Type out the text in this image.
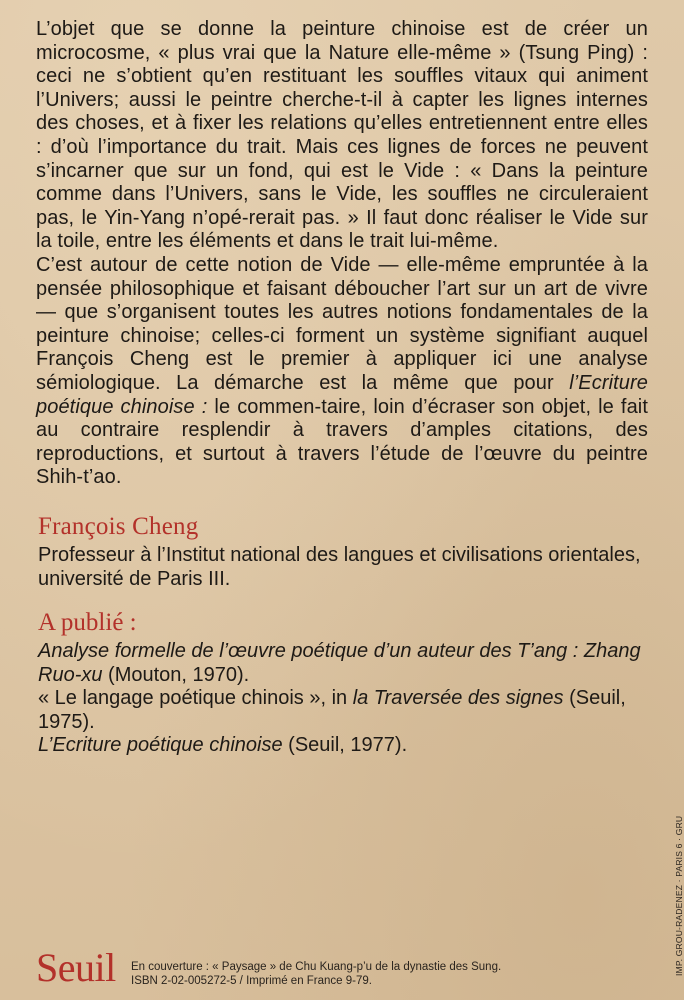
L’objet que se donne la peinture chinoise est de créer un microcosme, « plus vrai que la Nature elle-même » (Tsung Ping) : ceci ne s’obtient qu’en restituant les souffles vitaux qui animent l’Univers; aussi le peintre cherche-t-il à capter les lignes internes des choses, et à fixer les relations qu’elles entretiennent entre elles : d’où l’importance du trait. Mais ces lignes de forces ne peuvent s’incarner que sur un fond, qui est le Vide : « Dans la peinture comme dans l’Univers, sans le Vide, les souffles ne circuleraient pas, le Yin-Yang n’opé-rerait pas. » Il faut donc réaliser le Vide sur la toile, entre les éléments et dans le trait lui-même.

C’est autour de cette notion de Vide — elle-même empruntée à la pensée philosophique et faisant déboucher l’art sur un art de vivre — que s’organisent toutes les autres notions fondamentales de la peinture chinoise; celles-ci forment un système signifiant auquel François Cheng est le premier à appliquer ici une analyse sémiologique. La démarche est la même que pour l’Ecriture poétique chinoise : le commen-taire, loin d’écraser son objet, le fait au contraire resplendir à travers d’amples citations, des reproductions, et surtout à travers l’étude de l’œuvre du peintre Shih-t’ao.

François Cheng
Professeur à l’Institut national des langues et civilisations orientales, université de Paris III.
A publié :
Analyse formelle de l’œuvre poétique d’un auteur des T’ang : Zhang Ruo-xu (Mouton, 1970).
« Le langage poétique chinois », in la Traversée des signes (Seuil, 1975).
L’Ecriture poétique chinoise (Seuil, 1977).
Seuil En couverture : « Paysage » de Chu Kuang-p’u de la dynastie des Sung.
ISBN 2-02-005272-5 / Imprimé en France 9-79.
IMP. GROU-RADENEZ · PARIS 6 · GRU
